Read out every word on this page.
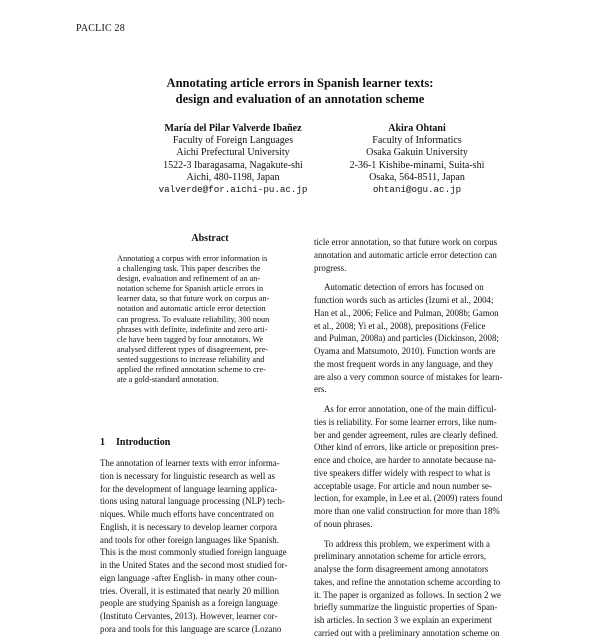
PACLIC 28
Annotating article errors in Spanish learner texts:
design and evaluation of an annotation scheme
María del Pilar Valverde Ibañez
Faculty of Foreign Languages
Aichi Prefectural University
1522-3 Ibaragasama, Nagakute-shi
Aichi, 480-1198, Japan
valverde@for.aichi-pu.ac.jp
Akira Ohtani
Faculty of Informatics
Osaka Gakuin University
2-36-1 Kishibe-minami, Suita-shi
Osaka, 564-8511, Japan
ohtani@ogu.ac.jp
Abstract
Annotating a corpus with error information is
a challenging task. This paper describes the
design, evaluation and refinement of an an-
notation scheme for Spanish article errors in
learner data, so that future work on corpus an-
notation and automatic article error detection
can progress. To evaluate reliability, 300 noun
phrases with definite, indefinite and zero arti-
cle have been tagged by four annotators. We
analysed different types of disagreement, pre-
sented suggestions to increase reliability and
applied the refined annotation scheme to cre-
ate a gold-standard annotation.
1 Introduction
The annotation of learner texts with error informa-
tion is necessary for linguistic research as well as
for the development of language learning applica-
tions using natural language processing (NLP) tech-
niques. While much efforts have concentrated on
English, it is necessary to develop learner corpora
and tools for other foreign languages like Spanish.
This is the most commonly studied foreign language
in the United States and the second most studied for-
eign language -after English- in many other coun-
tries. Overall, it is estimated that nearly 20 million
people are studying Spanish as a foreign language
(Instituto Cervantes, 2013). However, learner cor-
pora and tools for this language are scarce (Lozano
ticle error annotation, so that future work on corpus
annotation and automatic article error detection can
progress.
Automatic detection of errors has focused on
function words such as articles (Izumi et al., 2004;
Han et al., 2006; Felice and Pulman, 2008b; Gamon
et al., 2008; Yi et al., 2008), prepositions (Felice
and Pulman, 2008a) and particles (Dickinson, 2008;
Oyama and Matsumoto, 2010). Function words are
the most frequent words in any language, and they
are also a very common source of mistakes for learn-
ers.
As for error annotation, one of the main difficul-
ties is reliability. For some learner errors, like num-
ber and gender agreement, rules are clearly defined.
Other kind of errors, like article or preposition pres-
ence and choice, are harder to annotate because na-
tive speakers differ widely with respect to what is
acceptable usage. For article and noun number se-
lection, for example, in Lee et al. (2009) raters found
more than one valid construction for more than 18%
of noun phrases.
To address this problem, we experiment with a
preliminary annotation scheme for article errors,
analyse the form disagreement among annotators
takes, and refine the annotation scheme according to
it. The paper is organized as follows. In section 2 we
briefly summarize the linguistic properties of Span-
ish articles. In section 3 we explain an experiment
carried out with a preliminary annotation scheme on
